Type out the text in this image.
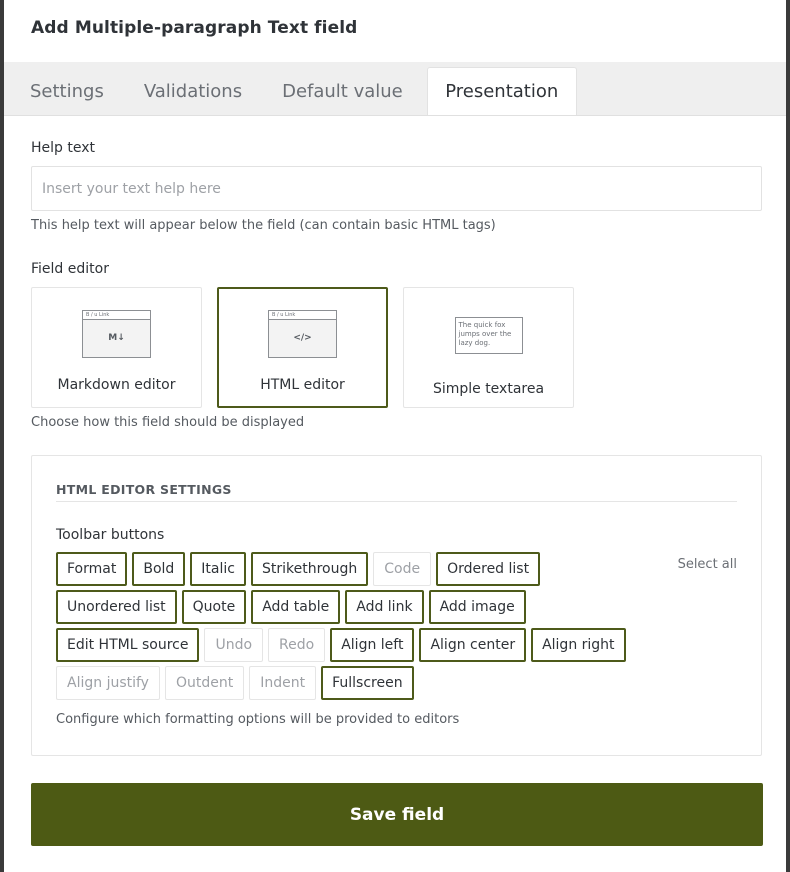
Add Multiple-paragraph Text field
Settings	Validations	Default value	Presentation
Help text
Insert your text help here
This help text will appear below the field (can contain basic HTML tags)
Field editor
B / u Link
M↓
Markdown editor
B / u Link
</>
HTML editor
The quick fox jumps over the lazy dog.
Simple textarea
Choose how this field should be displayed
HTML EDITOR SETTINGS
Toolbar buttons
Select all
Format	Bold	Italic	Strikethrough	Code	Ordered list
Unordered list	Quote	Add table	Add link	Add image
Edit HTML source	Undo	Redo	Align left	Align center	Align right
Align justify	Outdent	Indent	Fullscreen
Configure which formatting options will be provided to editors
Save field
